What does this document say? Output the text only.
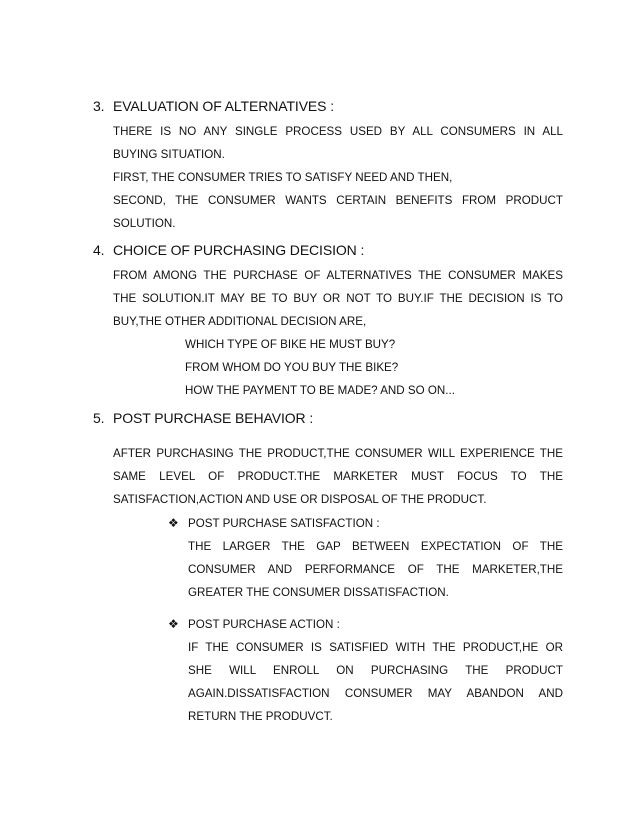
3. EVALUATION OF ALTERNATIVES :
THERE IS NO ANY SINGLE PROCESS USED BY ALL CONSUMERS IN ALL
BUYING SITUATION.
FIRST, THE CONSUMER TRIES TO SATISFY NEED AND THEN,
SECOND, THE CONSUMER WANTS CERTAIN BENEFITS FROM PRODUCT
SOLUTION.
4. CHOICE OF PURCHASING DECISION :
FROM AMONG THE PURCHASE OF ALTERNATIVES THE CONSUMER MAKES
THE SOLUTION.IT MAY BE TO BUY OR NOT TO BUY.IF THE DECISION IS TO
BUY,THE OTHER ADDITIONAL DECISION ARE,
WHICH TYPE OF BIKE HE MUST BUY?
FROM WHOM DO YOU BUY THE BIKE?
HOW THE PAYMENT TO BE MADE? AND SO ON...
5. POST PURCHASE BEHAVIOR :
AFTER PURCHASING THE PRODUCT,THE CONSUMER WILL EXPERIENCE THE
SAME LEVEL OF PRODUCT.THE MARKETER MUST FOCUS TO THE
SATISFACTION,ACTION AND USE OR DISPOSAL OF THE PRODUCT.
❖ POST PURCHASE SATISFACTION :
THE LARGER THE GAP BETWEEN EXPECTATION OF THE
CONSUMER AND PERFORMANCE OF THE MARKETER,THE
GREATER THE CONSUMER DISSATISFACTION.
❖ POST PURCHASE ACTION :
IF THE CONSUMER IS SATISFIED WITH THE PRODUCT,HE OR
SHE WILL ENROLL ON PURCHASING THE PRODUCT
AGAIN.DISSATISFACTION CONSUMER MAY ABANDON AND
RETURN THE PRODUVCT.
